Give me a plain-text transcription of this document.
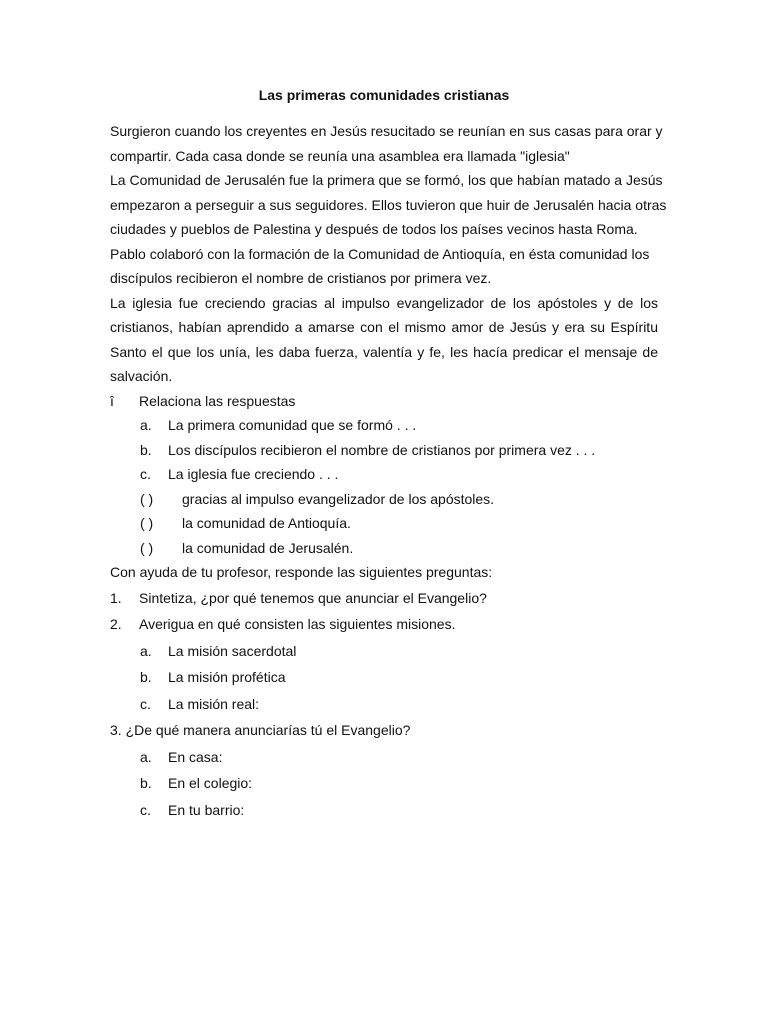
Las primeras comunidades cristianas
Surgieron cuando los creyentes en Jesús resucitado se reunían en sus casas para orar y
compartir. Cada casa donde se reunía una asamblea era llamada "iglesia"
La Comunidad de Jerusalén fue la primera que se formó, los que habían matado a Jesús
empezaron a perseguir a sus seguidores. Ellos tuvieron que huir de Jerusalén hacia otras
ciudades y pueblos de Palestina y después de todos los países vecinos hasta Roma.
Pablo colaboró con la formación de la Comunidad de Antioquía, en ésta comunidad los
discípulos recibieron el nombre de cristianos por primera vez.
La iglesia fue creciendo gracias al impulso evangelizador de los apóstoles y de los
cristianos, habían aprendido a amarse con el mismo amor de Jesús y era su Espíritu
Santo el que los unía, les daba fuerza, valentía y fe, les hacía predicar el mensaje de
salvación.
î	Relaciona las respuestas
a.	La primera comunidad que se formó . . .
b.	Los discípulos recibieron el nombre de cristianos por primera vez . . .
c.	La iglesia fue creciendo . . .
( )	gracias al impulso evangelizador de los apóstoles.
( )	la comunidad de Antioquía.
( )	la comunidad de Jerusalén.
Con ayuda de tu profesor, responde las siguientes preguntas:
1.	Sintetiza, ¿por qué tenemos que anunciar el Evangelio?
2.	Averigua en qué consisten las siguientes misiones.
a.	La misión sacerdotal
b.	La misión profética
c.	La misión real:
3. ¿De qué manera anunciarías tú el Evangelio?
a.	En casa:
b.	En el colegio:
c.	En tu barrio:
